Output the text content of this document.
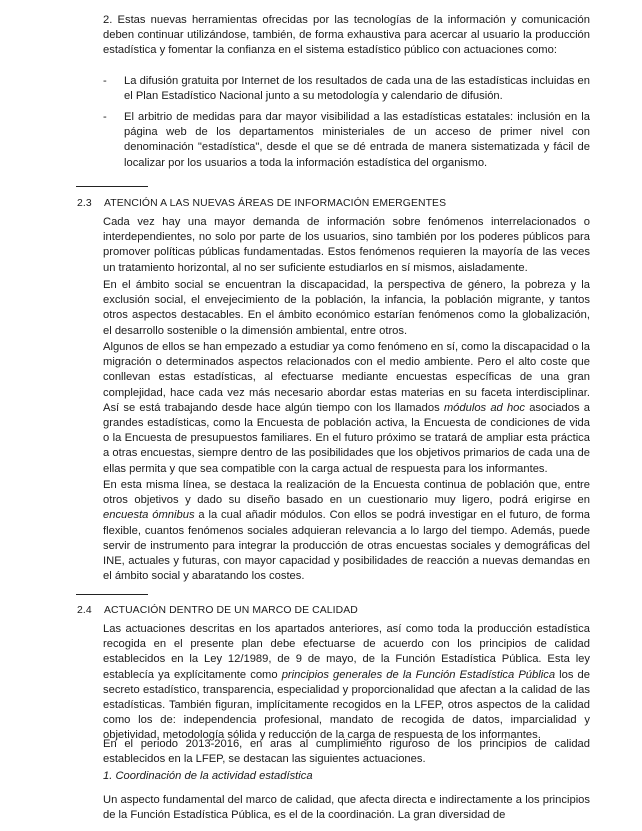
2. Estas nuevas herramientas ofrecidas por las tecnologías de la información y comunicación deben continuar utilizándose, también, de forma exhaustiva para acercar al usuario la producción estadística y fomentar la confianza en el sistema estadístico público con actuaciones como:

- La difusión gratuita por Internet de los resultados de cada una de las estadísticas incluidas en el Plan Estadístico Nacional junto a su metodología y calendario de difusión.

- El arbitrio de medidas para dar mayor visibilidad a las estadísticas estatales: inclusión en la página web de los departamentos ministeriales de un acceso de primer nivel con denominación "estadística", desde el que se dé entrada de manera sistematizada y fácil de localizar por los usuarios a toda la información estadística del organismo.

2.3 ATENCIÓN A LAS NUEVAS ÁREAS DE INFORMACIÓN EMERGENTES

Cada vez hay una mayor demanda de información sobre fenómenos interrelacionados o interdependientes, no solo por parte de los usuarios, sino también por los poderes públicos para promover políticas públicas fundamentadas. Estos fenómenos requieren la mayoría de las veces un tratamiento horizontal, al no ser suficiente estudiarlos en sí mismos, aisladamente.

En el ámbito social se encuentran la discapacidad, la perspectiva de género, la pobreza y la exclusión social, el envejecimiento de la población, la infancia, la población migrante, y tantos otros aspectos destacables. En el ámbito económico estarían fenómenos como la globalización, el desarrollo sostenible o la dimensión ambiental, entre otros.

Algunos de ellos se han empezado a estudiar ya como fenómeno en sí, como la discapacidad o la migración o determinados aspectos relacionados con el medio ambiente. Pero el alto coste que conllevan estas estadísticas, al efectuarse mediante encuestas específicas de una gran complejidad, hace cada vez más necesario abordar estas materias en su faceta interdisciplinar. Así se está trabajando desde hace algún tiempo con los llamados módulos ad hoc asociados a grandes estadísticas, como la Encuesta de población activa, la Encuesta de condiciones de vida o la Encuesta de presupuestos familiares. En el futuro próximo se tratará de ampliar esta práctica a otras encuestas, siempre dentro de las posibilidades que los objetivos primarios de cada una de ellas permita y que sea compatible con la carga actual de respuesta para los informantes.

En esta misma línea, se destaca la realización de la Encuesta continua de población que, entre otros objetivos y dado su diseño basado en un cuestionario muy ligero, podrá erigirse en encuesta ómnibus a la cual añadir módulos. Con ellos se podrá investigar en el futuro, de forma flexible, cuantos fenómenos sociales adquieran relevancia a lo largo del tiempo. Además, puede servir de instrumento para integrar la producción de otras encuestas sociales y demográficas del INE, actuales y futuras, con mayor capacidad y posibilidades de reacción a nuevas demandas en el ámbito social y abaratando los costes.

2.4 ACTUACIÓN DENTRO DE UN MARCO DE CALIDAD

Las actuaciones descritas en los apartados anteriores, así como toda la producción estadística recogida en el presente plan debe efectuarse de acuerdo con los principios de calidad establecidos en la Ley 12/1989, de 9 de mayo, de la Función Estadística Pública. Esta ley establecía ya explícitamente como principios generales de la Función Estadística Pública los de secreto estadístico, transparencia, especialidad y proporcionalidad que afectan a la calidad de las estadísticas. También figuran, implícitamente recogidos en la LFEP, otros aspectos de la calidad como los de: independencia profesional, mandato de recogida de datos, imparcialidad y objetividad, metodología sólida y reducción de la carga de respuesta de los informantes.

En el periodo 2013-2016, en aras al cumplimiento riguroso de los principios de calidad establecidos en la LFEP, se destacan las siguientes actuaciones.

1. Coordinación de la actividad estadística

Un aspecto fundamental del marco de calidad, que afecta directa e indirectamente a los principios de la Función Estadística Pública, es el de la coordinación. La gran diversidad de
